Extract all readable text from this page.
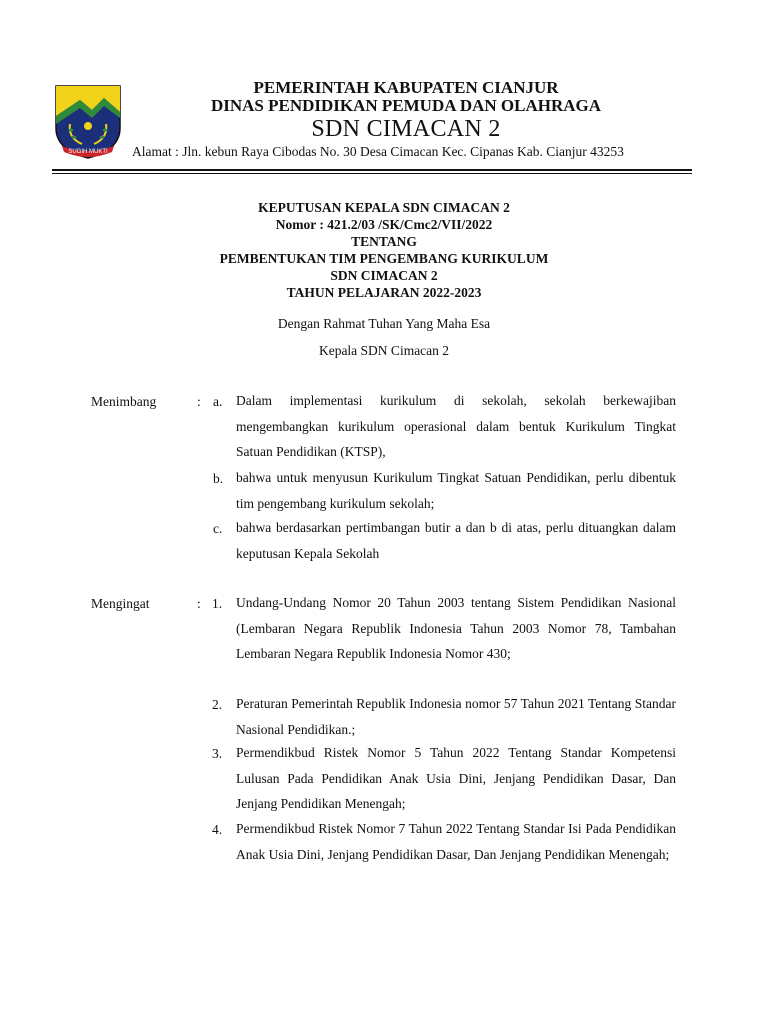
SUGIH MUKTI
PEMERINTAH KABUPATEN CIANJUR
DINAS PENDIDIKAN PEMUDA DAN OLAHRAGA
SDN CIMACAN 2
Alamat : Jln. kebun Raya Cibodas No. 30 Desa Cimacan Kec. Cipanas Kab. Cianjur 43253
KEPUTUSAN KEPALA SDN CIMACAN 2
Nomor : 421.2/03 /SK/Cmc2/VII/2022
TENTANG
PEMBENTUKAN TIM PENGEMBANG KURIKULUM
SDN CIMACAN 2
TAHUN PELAJARAN 2022-2023
Dengan Rahmat Tuhan Yang Maha Esa
Kepala SDN Cimacan 2
Menimbang	: a. Dalam implementasi kurikulum di sekolah, sekolah berkewajiban mengembangkan kurikulum operasional dalam bentuk Kurikulum Tingkat Satuan Pendidikan (KTSP),
b. bahwa untuk menyusun Kurikulum Tingkat Satuan Pendidikan, perlu dibentuk tim pengembang kurikulum sekolah;
c. bahwa berdasarkan pertimbangan butir a dan b di atas, perlu dituangkan dalam keputusan Kepala Sekolah
Mengingat	: 1. Undang-Undang Nomor 20 Tahun 2003 tentang Sistem Pendidikan Nasional (Lembaran Negara Republik Indonesia Tahun 2003 Nomor 78, Tambahan Lembaran Negara Republik Indonesia Nomor 430;
2. Peraturan Pemerintah Republik Indonesia nomor 57 Tahun 2021 Tentang Standar Nasional Pendidikan.;
3. Permendikbud Ristek Nomor 5 Tahun 2022 Tentang Standar Kompetensi Lulusan Pada Pendidikan Anak Usia Dini, Jenjang Pendidikan Dasar, Dan Jenjang Pendidikan Menengah;
4. Permendikbud Ristek Nomor 7 Tahun 2022 Tentang Standar Isi Pada Pendidikan Anak Usia Dini, Jenjang Pendidikan Dasar, Dan Jenjang Pendidikan Menengah;
